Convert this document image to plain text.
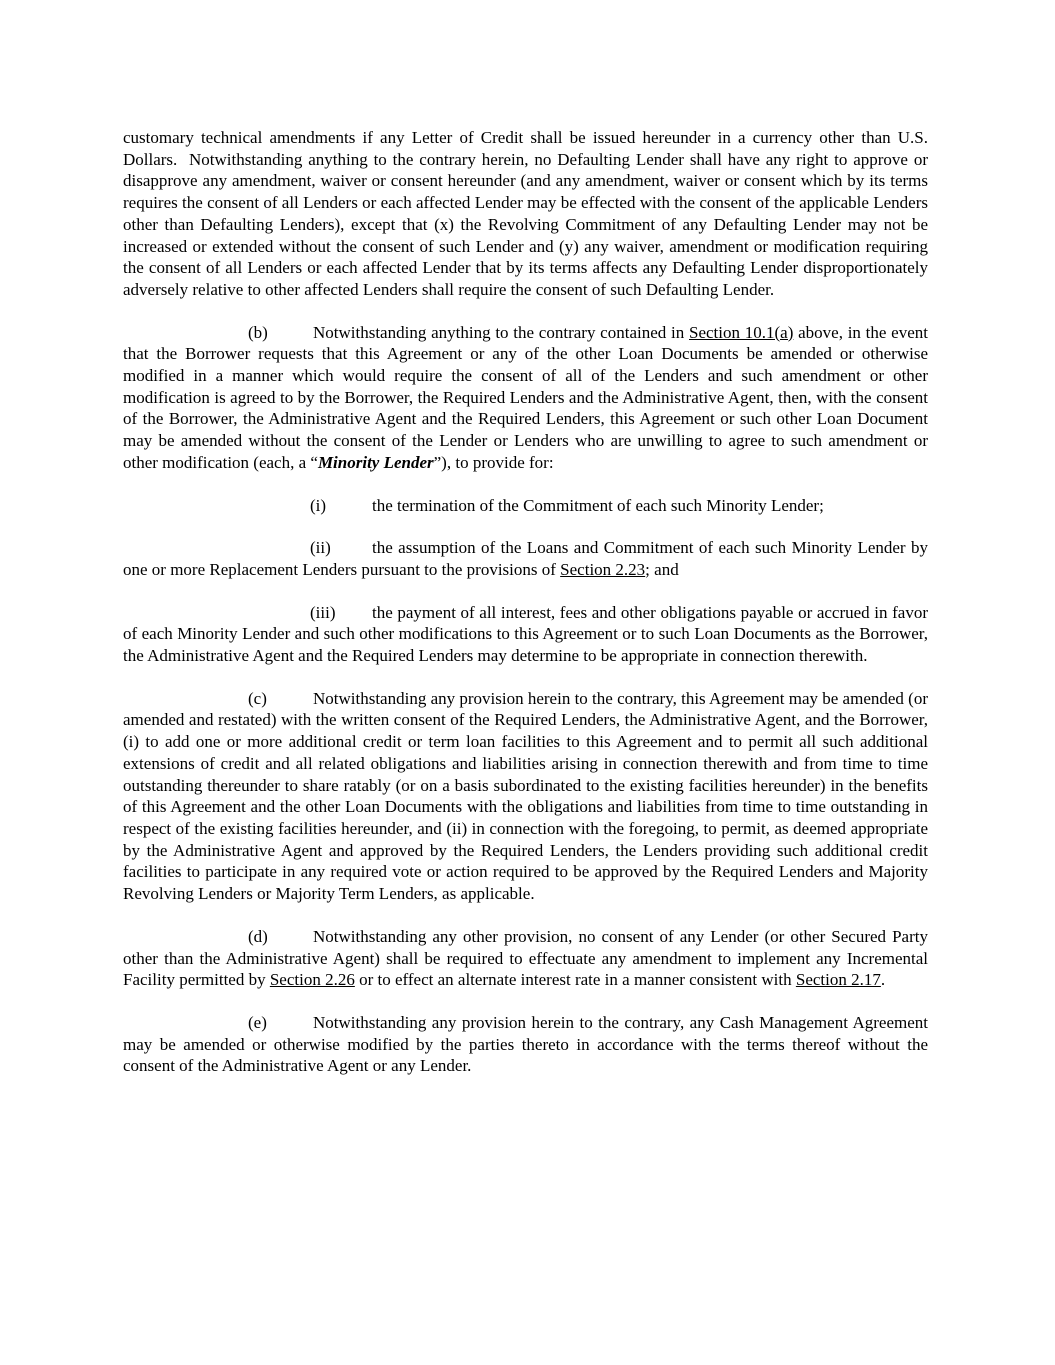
customary technical amendments if any Letter of Credit shall be issued hereunder in a currency other than U.S. Dollars.  Notwithstanding anything to the contrary herein, no Defaulting Lender shall have any right to approve or disapprove any amendment, waiver or consent hereunder (and any amendment, waiver or consent which by its terms requires the consent of all Lenders or each affected Lender may be effected with the consent of the applicable Lenders other than Defaulting Lenders), except that (x) the Revolving Commitment of any Defaulting Lender may not be increased or extended without the consent of such Lender and (y) any waiver, amendment or modification requiring the consent of all Lenders or each affected Lender that by its terms affects any Defaulting Lender disproportionately adversely relative to other affected Lenders shall require the consent of such Defaulting Lender.

(b)	Notwithstanding anything to the contrary contained in Section 10.1(a) above, in the event that the Borrower requests that this Agreement or any of the other Loan Documents be amended or otherwise modified in a manner which would require the consent of all of the Lenders and such amendment or other modification is agreed to by the Borrower, the Required Lenders and the Administrative Agent, then, with the consent of the Borrower, the Administrative Agent and the Required Lenders, this Agreement or such other Loan Document may be amended without the consent of the Lender or Lenders who are unwilling to agree to such amendment or other modification (each, a “Minority Lender”), to provide for:

(i)	the termination of the Commitment of each such Minority Lender;

(ii) the assumption of the Loans and Commitment of each such Minority Lender by one or more Replacement Lenders pursuant to the provisions of Section 2.23; and

(iii) the payment of all interest, fees and other obligations payable or accrued in favor of each Minority Lender and such other modifications to this Agreement or to such Loan Documents as the Borrower, the Administrative Agent and the Required Lenders may determine to be appropriate in connection therewith.

(c)	Notwithstanding any provision herein to the contrary, this Agreement may be amended (or amended and restated) with the written consent of the Required Lenders, the Administrative Agent, and the Borrower, (i) to add one or more additional credit or term loan facilities to this Agreement and to permit all such additional extensions of credit and all related obligations and liabilities arising in connection therewith and from time to time outstanding thereunder to share ratably (or on a basis subordinated to the existing facilities hereunder) in the benefits of this Agreement and the other Loan Documents with the obligations and liabilities from time to time outstanding in respect of the existing facilities hereunder, and (ii) in connection with the foregoing, to permit, as deemed appropriate by the Administrative Agent and approved by the Required Lenders, the Lenders providing such additional credit facilities to participate in any required vote or action required to be approved by the Required Lenders and Majority Revolving Lenders or Majority Term Lenders, as applicable.

(d)	Notwithstanding any other provision, no consent of any Lender (or other Secured Party other than the Administrative Agent) shall be required to effectuate any amendment to implement any Incremental Facility permitted by Section 2.26 or to effect an alternate interest rate in a manner consistent with Section 2.17.

(e)	Notwithstanding any provision herein to the contrary, any Cash Management Agreement may be amended or otherwise modified by the parties thereto in accordance with the terms thereof without the consent of the Administrative Agent or any Lender.
